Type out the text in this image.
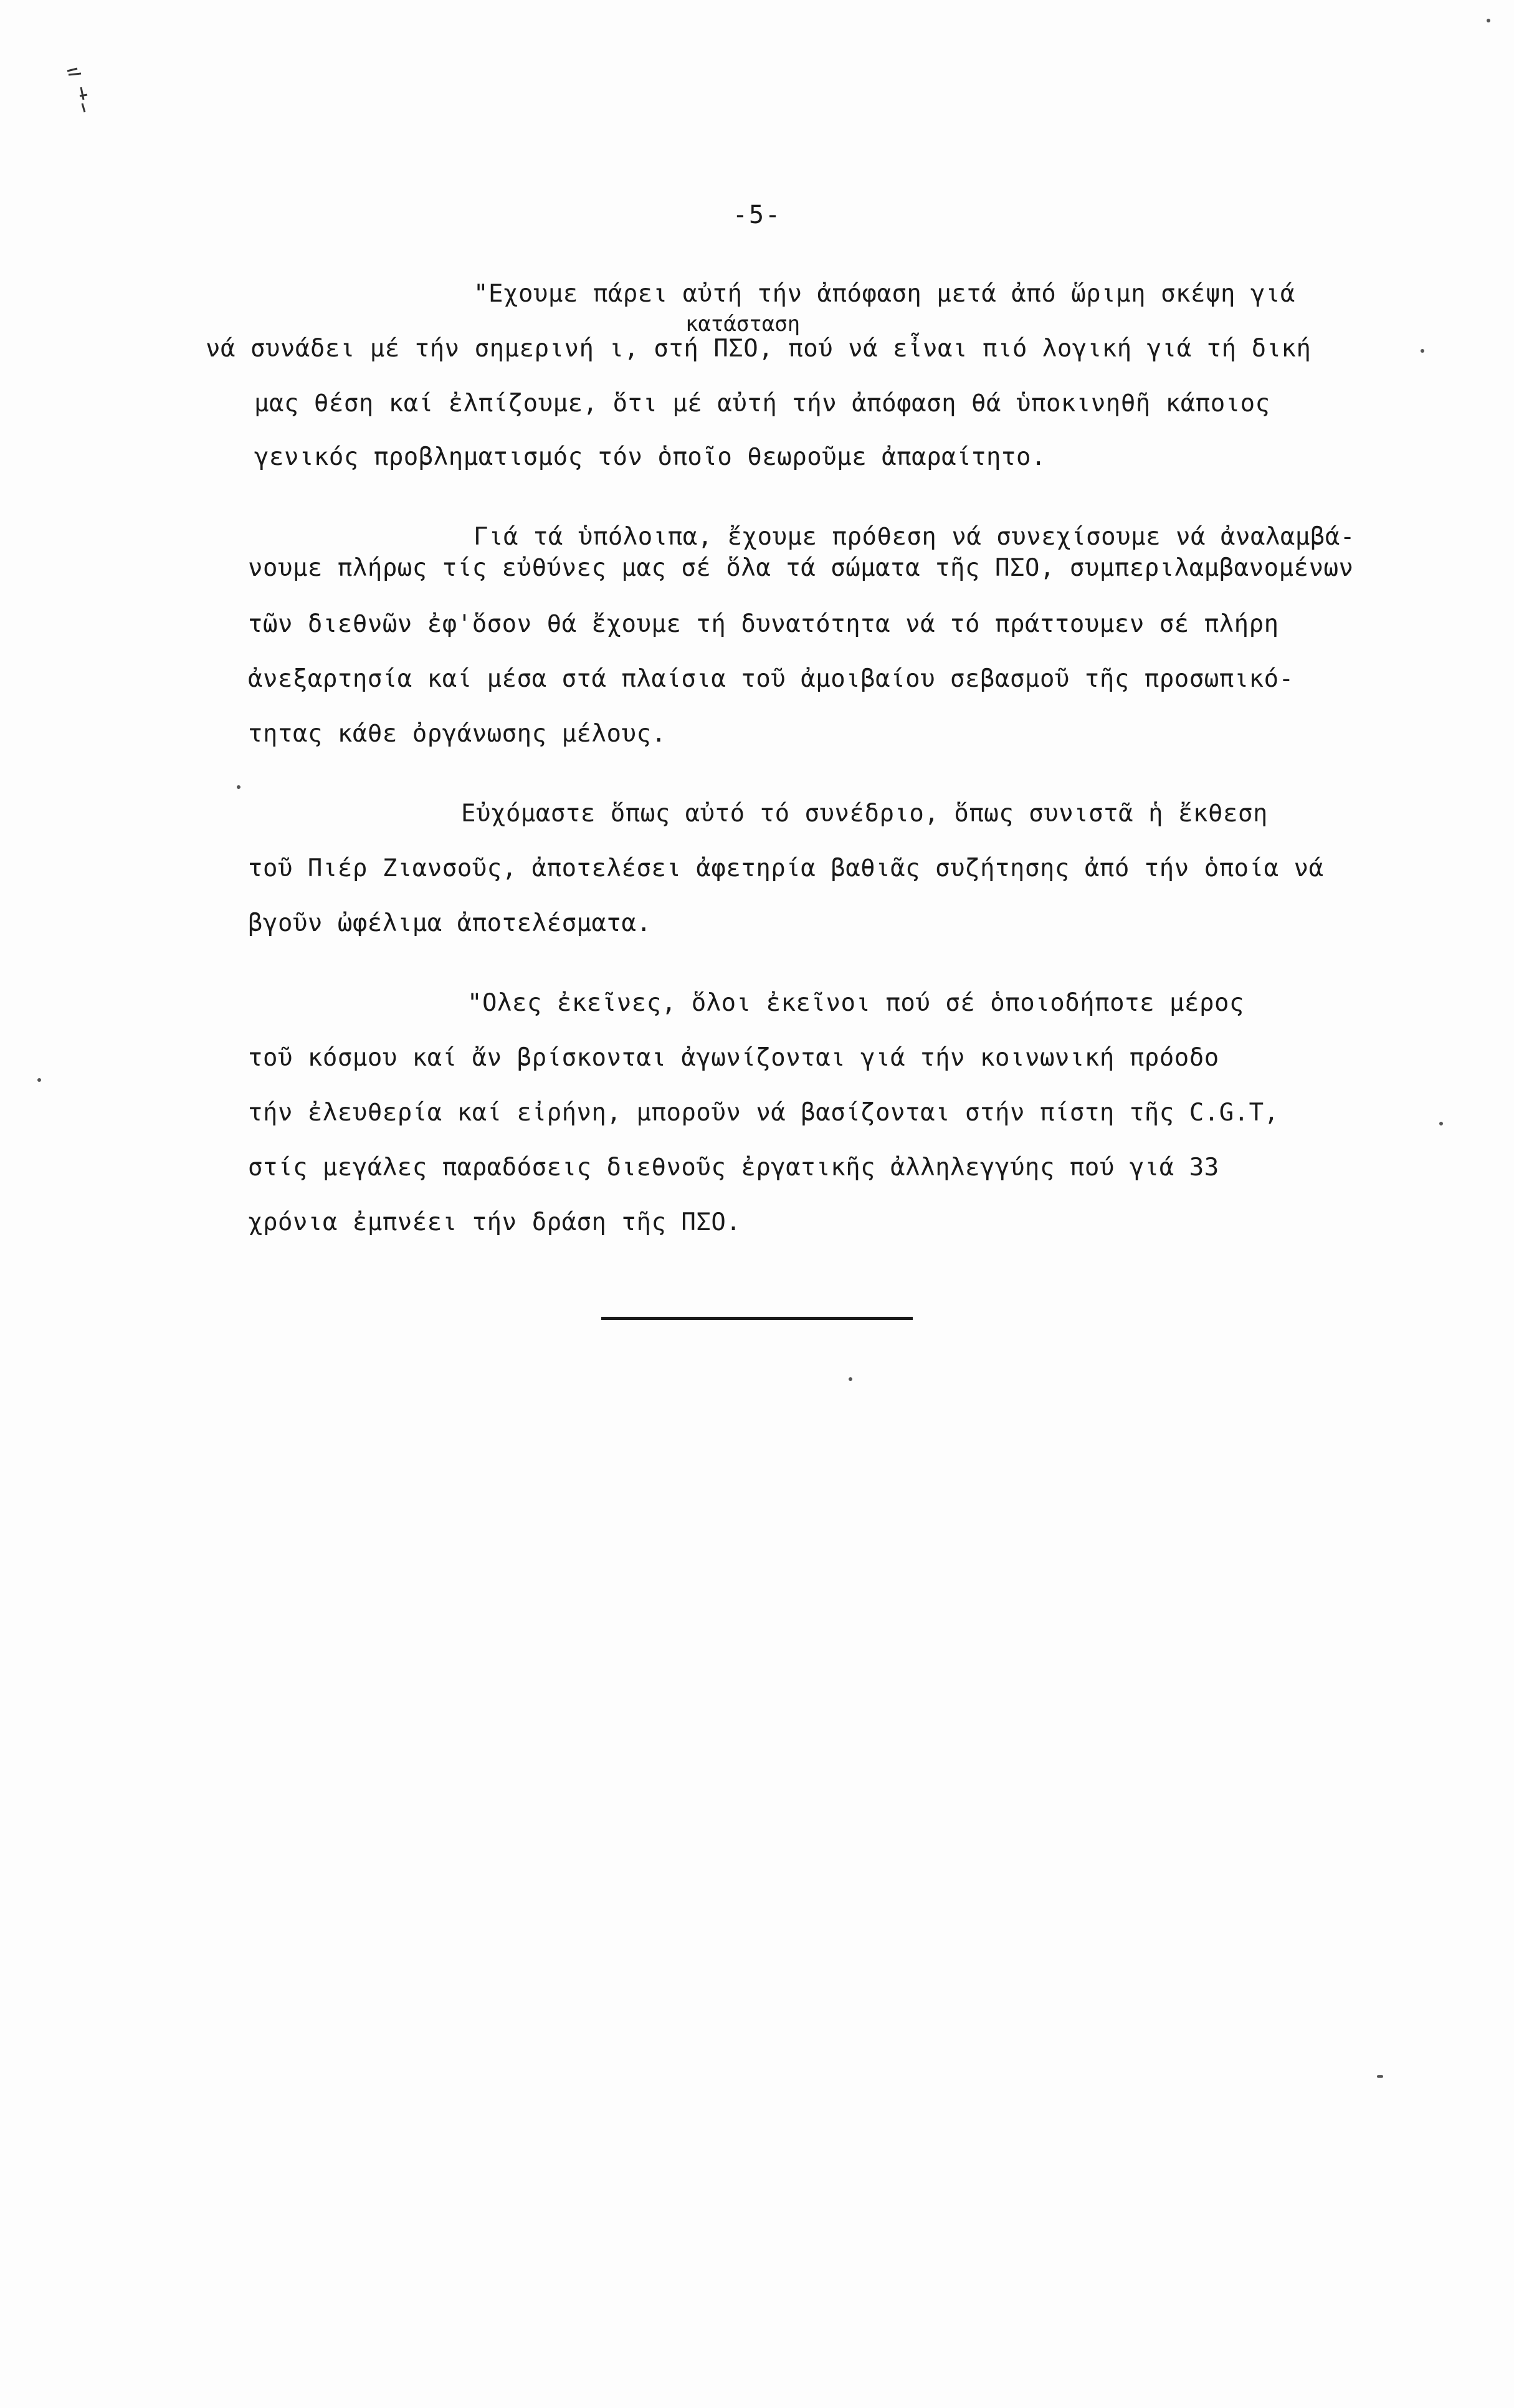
-5-
"Εχουμε πάρει αὐτή τήν ἀπόφαση μετά ἀπό ὥριμη σκέψη γιά
κατάσταση
νά συνάδει μέ τήν σημερινή ι, στή ΠΣΟ, πού νά εἶναι πιό λογική γιά τή δική
μας θέση καί ἐλπίζουμε, ὅτι μέ αὐτή τήν ἀπόφαση θά ὑποκινηθῆ κάποιος
γενικός προβληματισμός τόν ὁποῖο θεωροῦμε ἀπαραίτητο.
Γιά τά ὑπόλοιπα, ἔχουμε πρόθεση νά συνεχίσουμε νά ἀναλαμβά-
νουμε πλήρως τίς εὐθύνες μας σέ ὅλα τά σώματα τῆς ΠΣΟ, συμπεριλαμβανομένων
τῶν διεθνῶν ἐφ'ὅσον θά ἔχουμε τή δυνατότητα νά τό πράττουμεν σέ πλήρη
ἀνεξαρτησία καί μέσα στά πλαίσια τοῦ ἀμοιβαίου σεβασμοῦ τῆς προσωπικό-
τητας κάθε ὀργάνωσης μέλους.
Εὐχόμαστε ὅπως αὐτό τό συνέδριο, ὅπως συνιστᾶ ἡ ἔκθεση
τοῦ Πιέρ Ζιανσοῦς, ἀποτελέσει ἀφετηρία βαθιᾶς συζήτησης ἀπό τήν ὁποία νά
βγοῦν ὠφέλιμα ἀποτελέσματα.
"Ολες ἐκεῖνες, ὅλοι ἐκεῖνοι πού σέ ὁποιοδήποτε μέρος
τοῦ κόσμου καί ἄν βρίσκονται ἀγωνίζονται γιά τήν κοινωνική πρόοδο
τήν ἐλευθερία καί εἰρήνη, μποροῦν νά βασίζονται στήν πίστη τῆς C.G.T,
στίς μεγάλες παραδόσεις διεθνοῦς ἐργατικῆς ἀλληλεγγύης πού γιά 33
χρόνια ἐμπνέει τήν δράση τῆς ΠΣΟ.
